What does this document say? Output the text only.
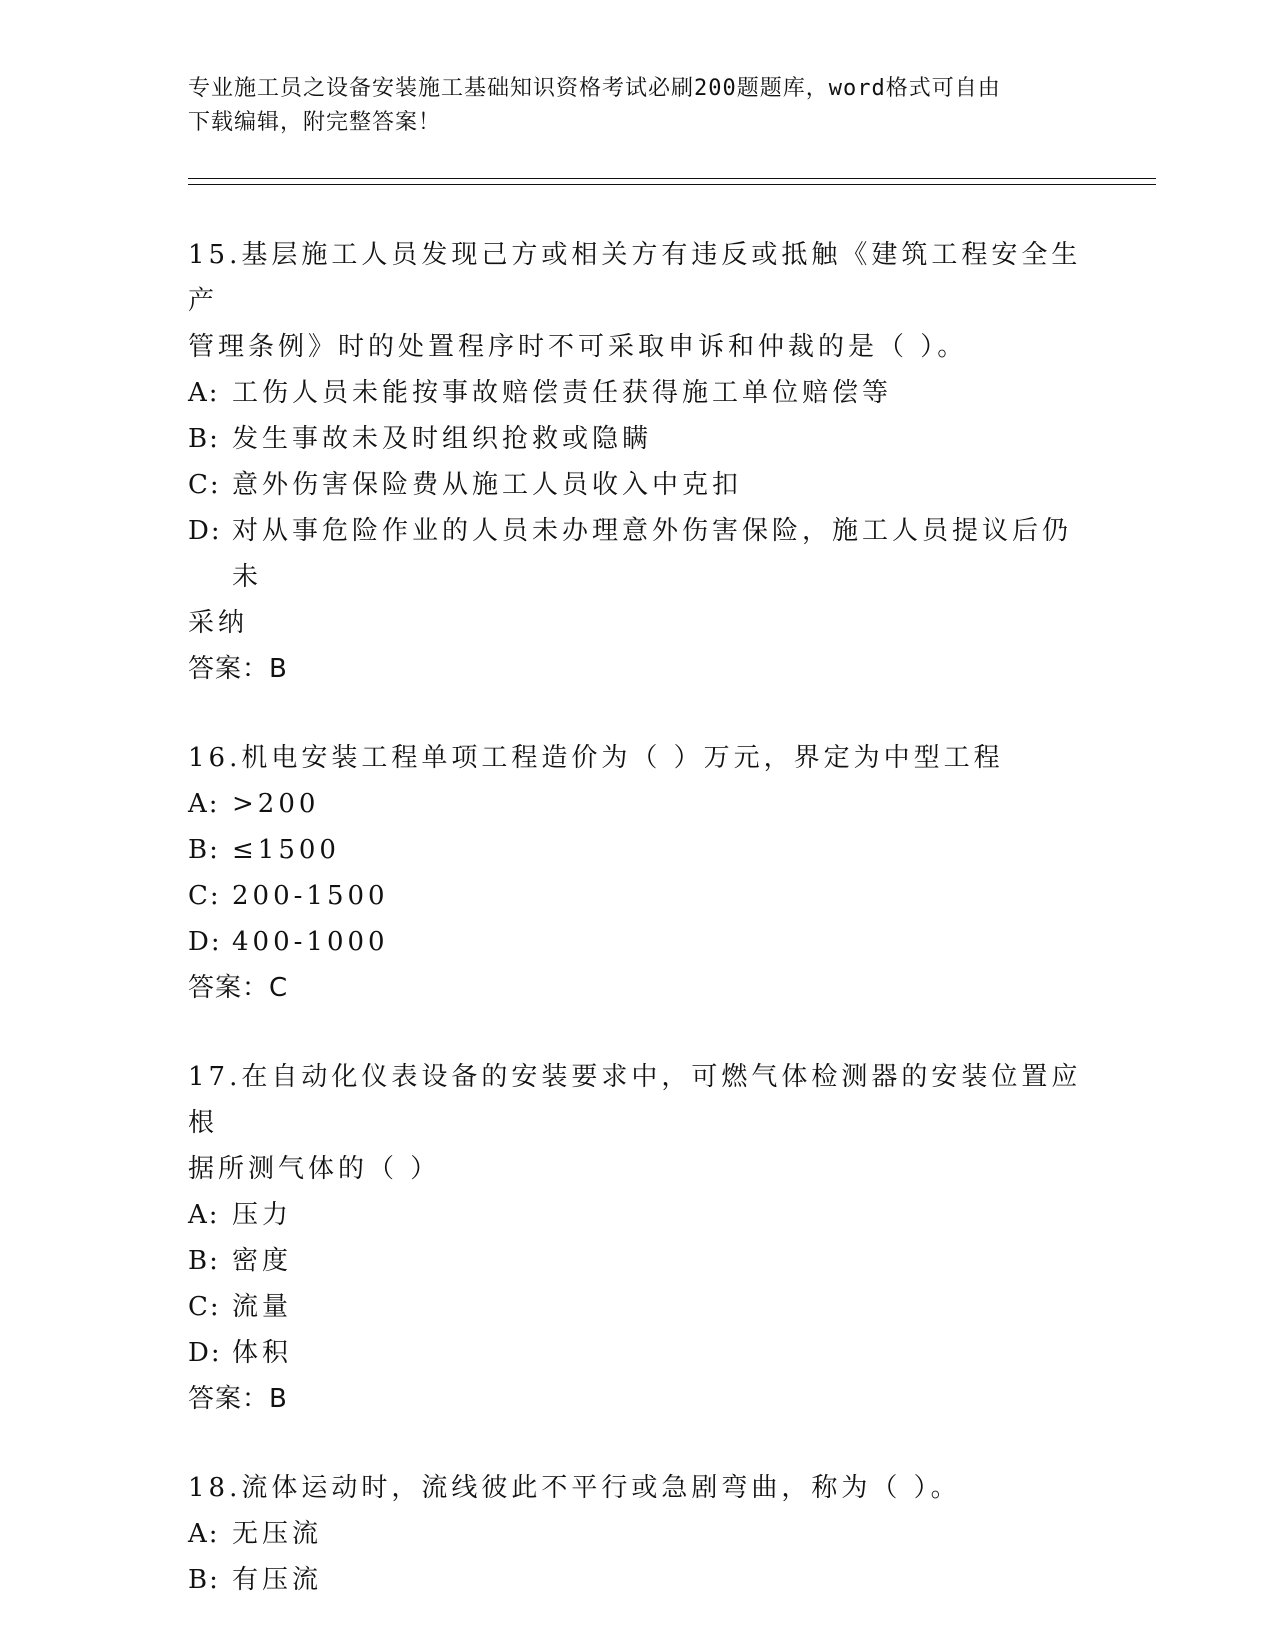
专业施工员之设备安装施工基础知识资格考试必刷200题题库，word格式可自由
下载编辑，附完整答案！
15.基层施工人员发现己方或相关方有违反或抵触《建筑工程安全生产
管理条例》时的处置程序时不可采取申诉和仲裁的是（ ）。
A: 工伤人员未能按事故赔偿责任获得施工单位赔偿等
B: 发生事故未及时组织抢救或隐瞒
C: 意外伤害保险费从施工人员收入中克扣
D: 对从事危险作业的人员未办理意外伤害保险，施工人员提议后仍未
采纳
答案：B
16.机电安装工程单项工程造价为（ ）万元，界定为中型工程
A: >200
B: ≤1500
C: 200-1500
D: 400-1000
答案：C
17.在自动化仪表设备的安装要求中，可燃气体检测器的安装位置应根
据所测气体的（ ）
A: 压力
B: 密度
C: 流量
D: 体积
答案：B
18.流体运动时，流线彼此不平行或急剧弯曲，称为（ ）。
A: 无压流
B: 有压流
